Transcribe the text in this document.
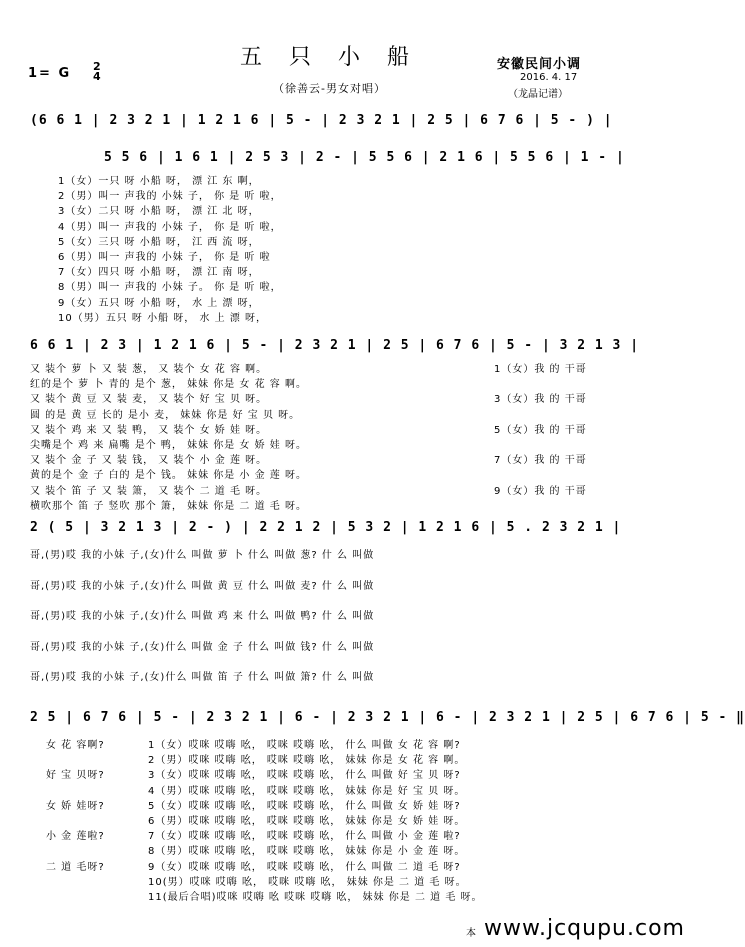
五 只 小 船
（徐善云-男女对唱）
安徽民间小调
2016. 4. 17
（龙晶记谱）
1= G 2
4
(6 6 1 | 2 3 2 1 | 1 2 1 6 | 5 - | 2 3 2 1 | 2 5 | 6 7 6 | 5 - ) |
5 5 6 | 1 6 1 | 2 5 3 | 2 - | 5 5 6 | 2 1 6 | 5 5 6 | 1 - |
1（女）一只 呀 小船 呀， 漂 江 东 啊，
2（男）叫一 声我的 小妹 子， 你 是 听 啦，
3（女）二只 呀 小船 呀， 漂 江 北 呀，
4（男）叫一 声我的 小妹 子， 你 是 听 啦，
5（女）三只 呀 小船 呀， 江 西 流 呀，
6（男）叫一 声我的 小妹 子， 你 是 听 啦
7（女）四只 呀 小船 呀， 漂 江 南 呀，
8（男）叫一 声我的 小妹 子。 你 是 听 啦，
9（女）五只 呀 小船 呀， 水 上 漂 呀，
10（男）五只 呀 小船 呀， 水 上 漂 呀，
6 6 1 | 2 3 | 1 2 1 6 | 5 - | 2 3 2 1 | 2 5 | 6 7 6 | 5 - | 3 2 1 3 |
又 装个 萝 卜 又 装 葱， 又 装个 女 花 容 啊。
红的是个 萝 卜 青的 是个 葱， 妹妹 你是 女 花 容 啊。
又 装个 黄 豆 又 装 麦， 又 装个 好 宝 贝 呀。
圆 的是 黄 豆 长的 是小 麦， 妹妹 你是 好 宝 贝 呀。
又 装个 鸡 来 又 装 鸭， 又 装个 女 娇 娃 呀。
尖嘴是个 鸡 来 扁嘴 是个 鸭， 妹妹 你是 女 娇 娃 呀。
又 装个 金 子 又 装 钱， 又 装个 小 金 莲 呀。
黄的是个 金 子 白的 是个 钱。 妹妹 你是 小 金 莲 呀。
又 装个 笛 子 又 装 箫， 又 装个 二 道 毛 呀。
横吹那个 笛 子 竖吹 那个 箫， 妹妹 你是 二 道 毛 呀。
1（女）我 的 干哥
3（女）我 的 干哥
5（女）我 的 干哥
7（女）我 的 干哥
9（女）我 的 干哥
2 ( 5 | 3 2 1 3 | 2 - ) | 2 2 1 2 | 5 3 2 | 1 2 1 6 | 5 . 2 3 2 1 |
哥,(男)哎 我的小妹 子,(女)什么 叫做 萝 卜 什么 叫做 葱? 什 么 叫做
哥,(男)哎 我的小妹 子,(女)什么 叫做 黄 豆 什么 叫做 麦? 什 么 叫做
哥,(男)哎 我的小妹 子,(女)什么 叫做 鸡 来 什么 叫做 鸭? 什 么 叫做
哥,(男)哎 我的小妹 子,(女)什么 叫做 金 子 什么 叫做 钱? 什 么 叫做
哥,(男)哎 我的小妹 子,(女)什么 叫做 笛 子 什么 叫做 箫? 什 么 叫做
2 5 | 6 7 6 | 5 - | 2 3 2 1 | 6 - | 2 3 2 1 | 6 - | 2 3 2 1 | 2 5 | 6 7 6 | 5 - ‖
女 花 容啊?
好 宝 贝呀?
女 娇 娃呀?
小 金 莲啦?
二 道 毛呀?
1（女）哎咪 哎嗨 吆， 哎咪 哎嗨 吆， 什么 叫做 女 花 容 啊?
2（男）哎咪 哎嗨 吆， 哎咪 哎嗨 吆， 妹妹 你是 女 花 容 啊。
3（女）哎咪 哎嗨 吆， 哎咪 哎嗨 吆， 什么 叫做 好 宝 贝 呀?
4（男）哎咪 哎嗨 吆， 哎咪 哎嗨 吆， 妹妹 你是 好 宝 贝 呀。
5（女）哎咪 哎嗨 吆， 哎咪 哎嗨 吆， 什么 叫做 女 娇 娃 呀?
6（男）哎咪 哎嗨 吆， 哎咪 哎嗨 吆， 妹妹 你是 女 娇 娃 呀。
7（女）哎咪 哎嗨 吆， 哎咪 哎嗨 吆， 什么 叫做 小 金 莲 啦?
8（男）哎咪 哎嗨 吆， 哎咪 哎嗨 吆， 妹妹 你是 小 金 莲 呀。
9（女）哎咪 哎嗨 吆， 哎咪 哎嗨 吆， 什么 叫做 二 道 毛 呀?
10(男）哎咪 哎嗨 吆， 哎咪 哎嗨 吆， 妹妹 你是 二 道 毛 呀。
11(最后合唱)哎咪 哎嗨 吆 哎咪 哎嗨 吆， 妹妹 你是 二 道 毛 呀。
本 www.jcqupu.com
